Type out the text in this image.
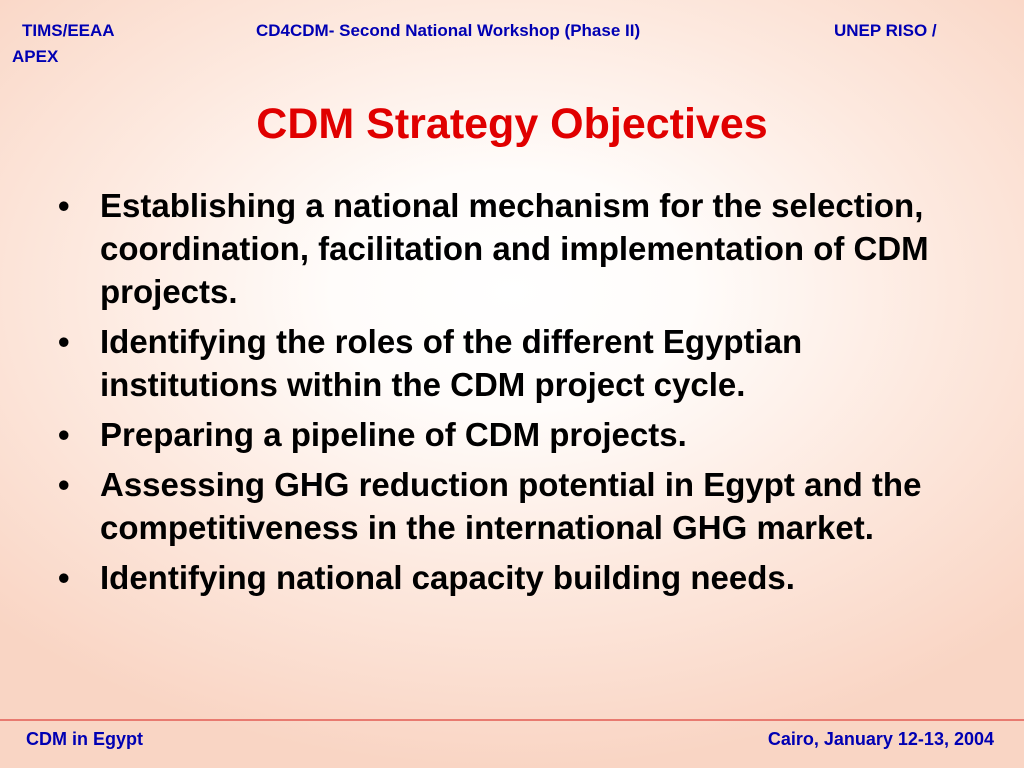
TIMS/EEAA	CD4CDM- Second National Workshop (Phase II)	UNEP RISO /
APEX
CDM Strategy Objectives
• Establishing a national mechanism for the selection, coordination, facilitation and implementation of CDM projects.
• Identifying the roles of the different Egyptian institutions within the CDM project cycle.
• Preparing a pipeline of CDM projects.
• Assessing GHG reduction potential in Egypt and the competitiveness in the international GHG market.
• Identifying national capacity building needs.
CDM in Egypt	Cairo, January 12-13, 2004
